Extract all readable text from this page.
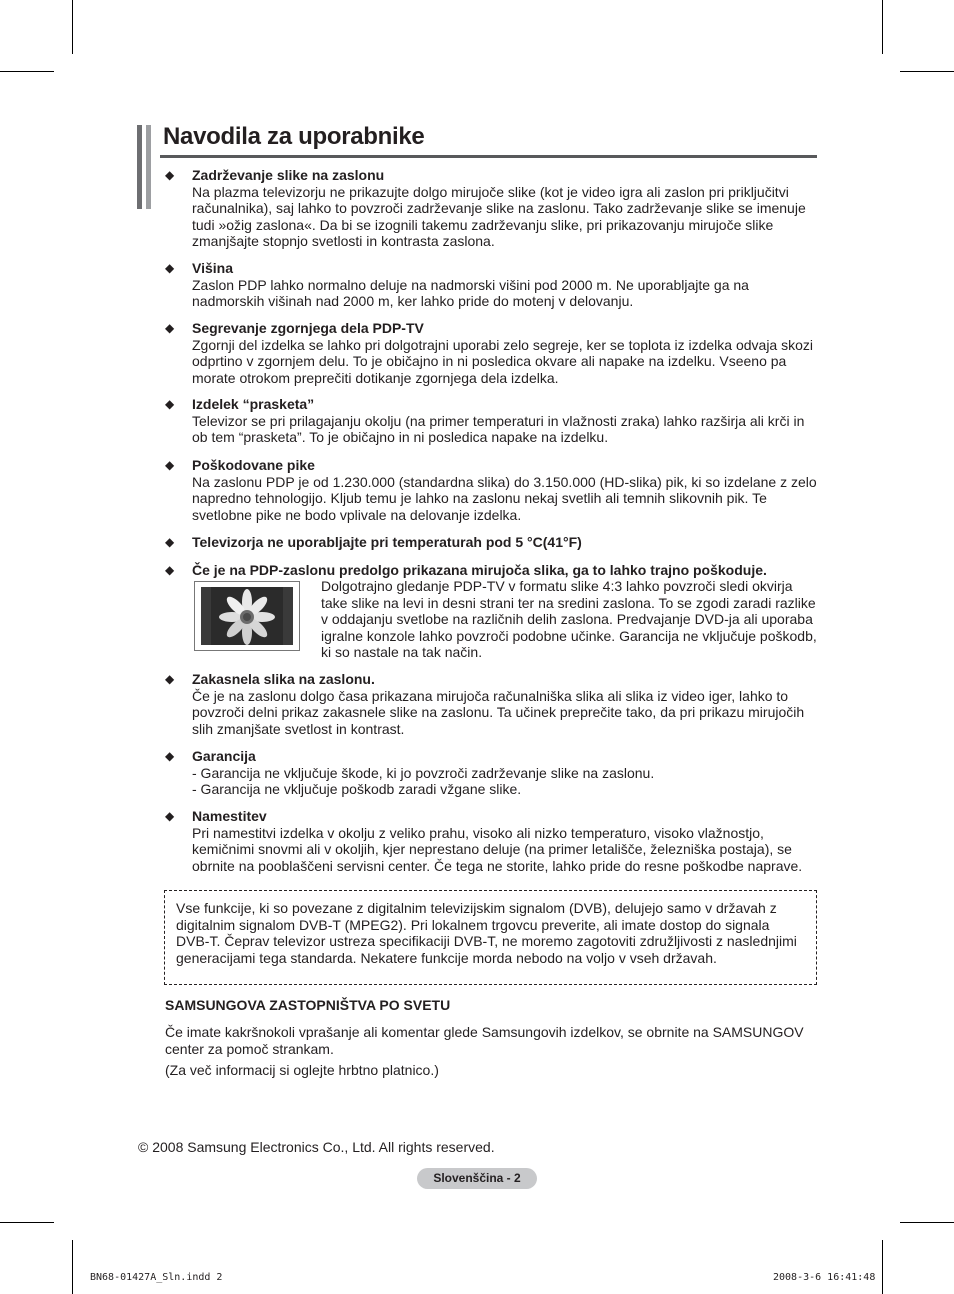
Navodila za uporabnike
◆ Zadrževanje slike na zaslonu
Na plazma televizorju ne prikazujte dolgo mirujoče slike (kot je video igra ali zaslon pri priključitvi računalnika), saj lahko to povzroči zadrževanje slike na zaslonu. Tako zadrževanje slike se imenuje tudi »ožig zaslona«. Da bi se izognili takemu zadrževanju slike, pri prikazovanju mirujoče slike zmanjšajte stopnjo svetlosti in kontrasta zaslona.
◆ Višina
Zaslon PDP lahko normalno deluje na nadmorski višini pod 2000 m. Ne uporabljajte ga na nadmorskih višinah nad 2000 m, ker lahko pride do motenj v delovanju.
◆ Segrevanje zgornjega dela PDP-TV
Zgornji del izdelka se lahko pri dolgotrajni uporabi zelo segreje, ker se toplota iz izdelka odvaja skozi odprtino v zgornjem delu. To je običajno in ni posledica okvare ali napake na izdelku. Vseeno pa morate otrokom preprečiti dotikanje zgornjega dela izdelka.
◆ Izdelek “prasketa”
Televizor se pri prilagajanju okolju (na primer temperaturi in vlažnosti zraka) lahko razširja ali krči in ob tem “prasketa”. To je običajno in ni posledica napake na izdelku.
◆ Poškodovane pike
Na zaslonu PDP je od 1.230.000 (standardna slika) do 3.150.000 (HD-slika) pik, ki so izdelane z zelo napredno tehnologijo. Kljub temu je lahko na zaslonu nekaj svetlih ali temnih slikovnih pik. Te svetlobne pike ne bodo vplivale na delovanje izdelka.
◆ Televizorja ne uporabljajte pri temperaturah pod 5 °C(41°F)
◆ Če je na PDP-zaslonu predolgo prikazana mirujoča slika, ga to lahko trajno poškoduje.
Dolgotrajno gledanje PDP-TV v formatu slike 4:3 lahko povzroči sledi okvirja take slike na levi in desni strani ter na sredini zaslona. To se zgodi zaradi razlike v oddajanju svetlobe na različnih delih zaslona. Predvajanje DVD-ja ali uporaba igralne konzole lahko povzroči podobne učinke. Garancija ne vključuje poškodb, ki so nastale na tak način.
◆ Zakasnela slika na zaslonu.
Če je na zaslonu dolgo časa prikazana mirujoča računalniška slika ali slika iz video iger, lahko to povzroči delni prikaz zakasnele slike na zaslonu. Ta učinek preprečite tako, da pri prikazu mirujočih slih zmanjšate svetlost in kontrast.
◆ Garancija
- Garancija ne vključuje škode, ki jo povzroči zadrževanje slike na zaslonu.
- Garancija ne vključuje poškodb zaradi vžgane slike.
◆ Namestitev
Pri namestitvi izdelka v okolju z veliko prahu, visoko ali nizko temperaturo, visoko vlažnostjo, kemičnimi snovmi ali v okoljih, kjer neprestano deluje (na primer letališče, železniška postaja), se obrnite na pooblaščeni servisni center. Če tega ne storite, lahko pride do resne poškodbe naprave.
Vse funkcije, ki so povezane z digitalnim televizijskim signalom (DVB), delujejo samo v državah z digitalnim signalom DVB-T (MPEG2). Pri lokalnem trgovcu preverite, ali imate dostop do signala DVB-T. Čeprav televizor ustreza specifikaciji DVB-T, ne moremo zagotoviti združljivosti z naslednjimi generacijami tega standarda. Nekatere funkcije morda nebodo na voljo v vseh državah.
SAMSUNGOVA ZASTOPNIŠTVA PO SVETU
Če imate kakršnokoli vprašanje ali komentar glede Samsungovih izdelkov, se obrnite na SAMSUNGOV center za pomoč strankam.
(Za več informacij si oglejte hrbtno platnico.)
© 2008 Samsung Electronics Co., Ltd. All rights reserved.
Slovenščina - 2
BN68-01427A_Sln.indd 2	2008-3-6 16:41:48
